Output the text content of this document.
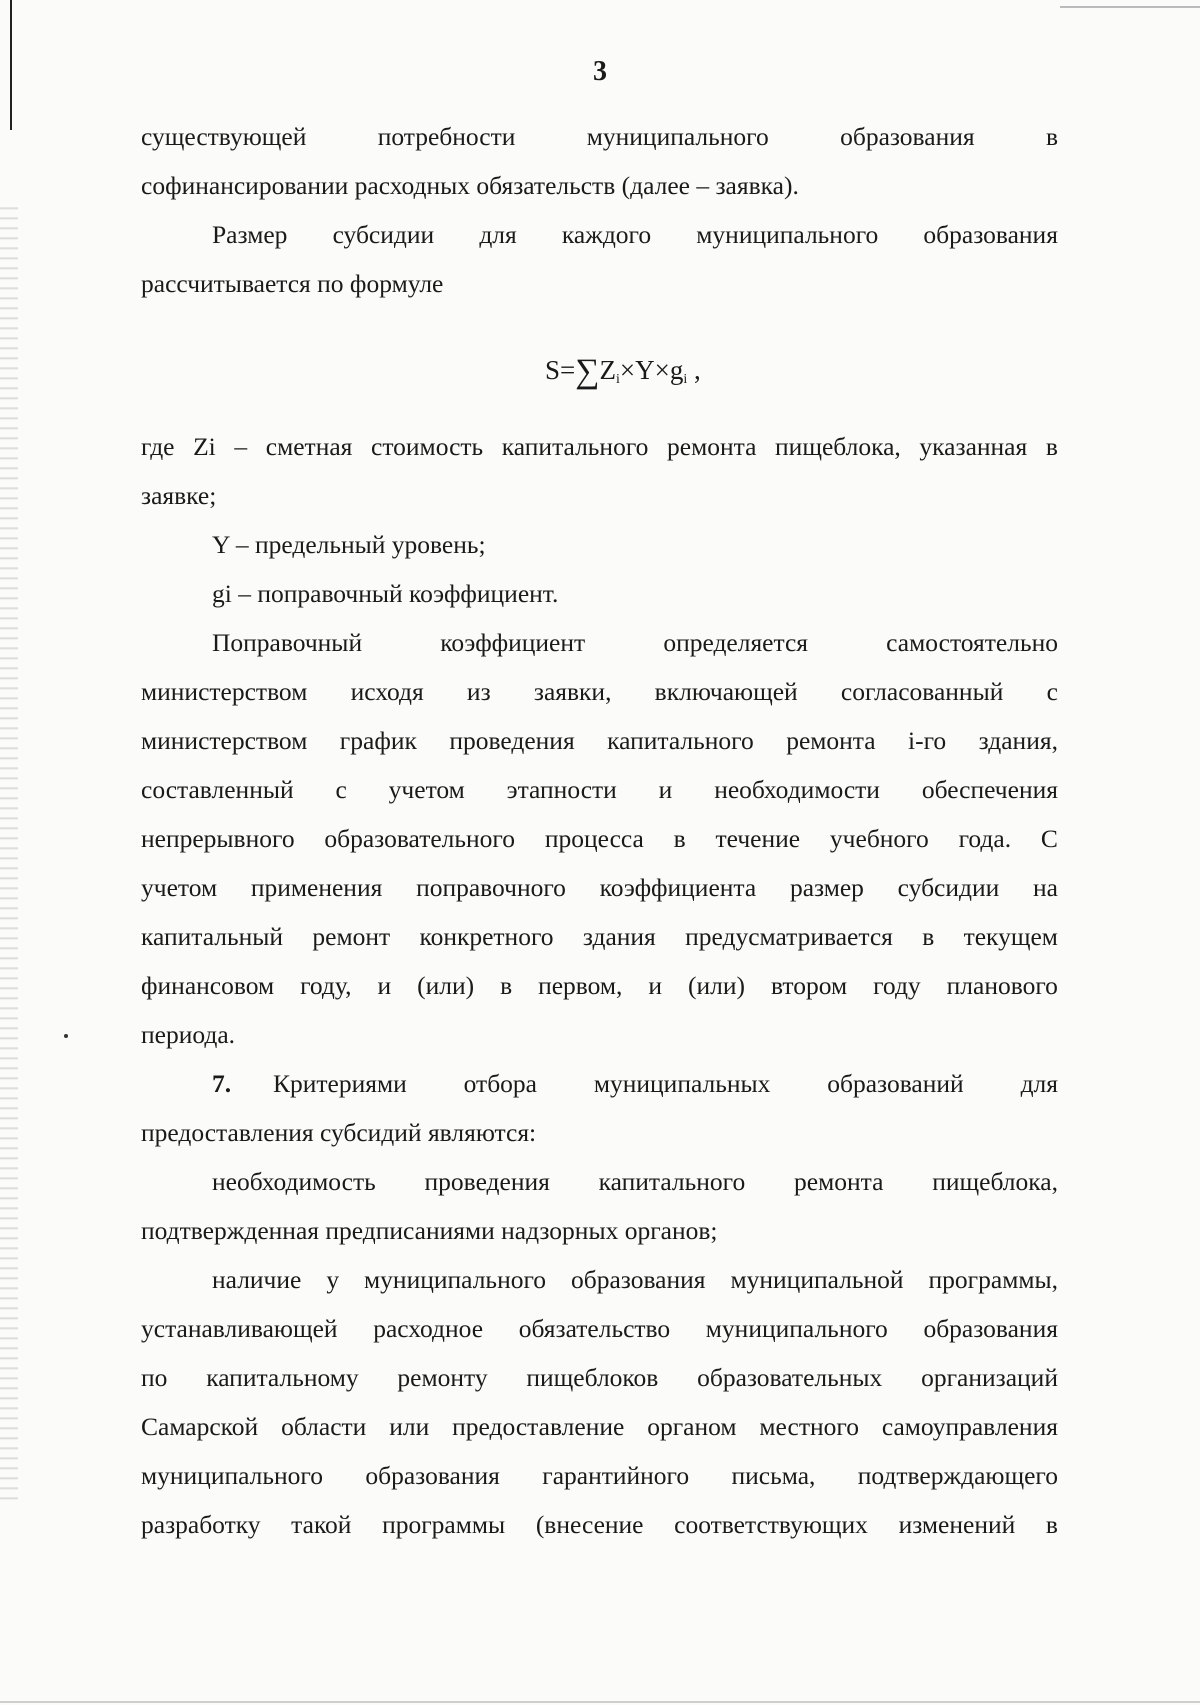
3
существующей	потребности	муниципального	образования	в
софинансировании расходных обязательств (далее – заявка).
Размер субсидии для каждого муниципального образования
рассчитывается по формуле
$S=\sum Z_i\times Y\times g_i$ ,
где Zi – сметная стоимость капитального ремонта пищеблока, указанная в
заявке;
Y – предельный уровень;
gi – поправочный коэффициент.
Поправочный	коэффициент	определяется	самостоятельно
министерством исходя из заявки, включающей согласованный с
министерством график проведения капитального ремонта i-го здания,
составленный с учетом этапности и необходимости обеспечения
непрерывного образовательного процесса в течение учебного года. С
учетом применения поправочного коэффициента размер субсидии на
капитальный ремонт конкретного здания предусматривается в текущем
финансовом году, и (или) в первом, и (или) втором году планового
периода.
7. Критериями отбора муниципальных образований для
предоставления субсидий являются:
необходимость проведения капитального ремонта пищеблока,
подтвержденная предписаниями надзорных органов;
наличие у муниципального образования муниципальной программы,
устанавливающей расходное обязательство муниципального образования
по капитальному ремонту пищеблоков образовательных организаций
Самарской области или предоставление органом местного самоуправления
муниципального образования гарантийного письма, подтверждающего
разработку такой программы (внесение соответствующих изменений в
